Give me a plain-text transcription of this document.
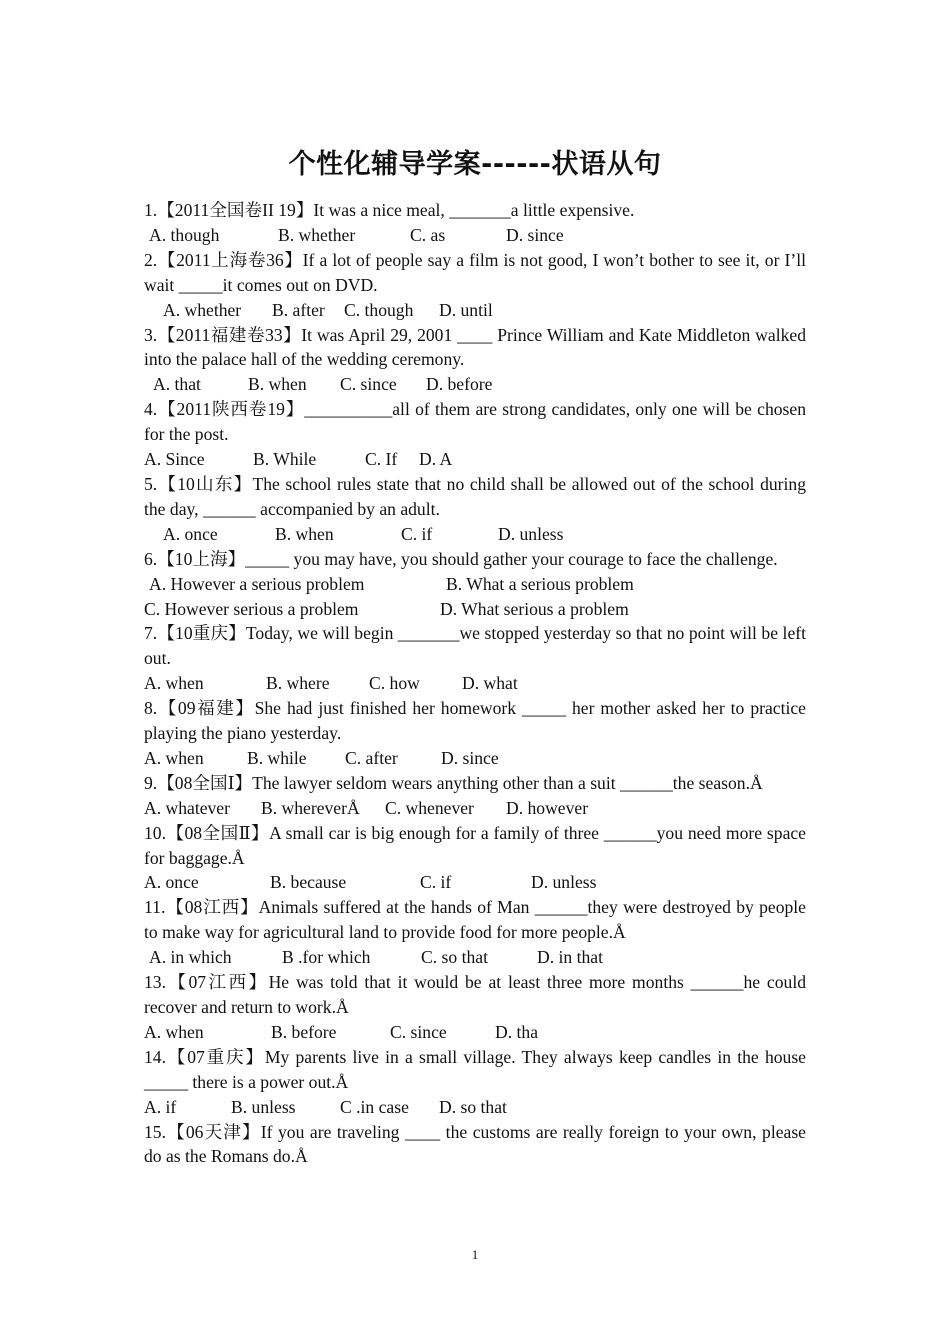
个性化辅导学案------状语从句
1.【2011全国卷II 19】It was a nice meal, _______a little expensive.
A. though	B. whether	C. as	D. since
2.【2011上海卷36】If a lot of people say a film is not good, I won’t bother to see it, or I’ll wait _____it comes out on DVD.
A. whether	B. after	C. though	D. until
3.【2011福建卷33】It was April 29, 2001 ____ Prince William and Kate Middleton walked into the palace hall of the wedding ceremony.
A. that	B. when	C. since	D. before
4.【2011陕西卷19】__________all of them are strong candidates, only one will be chosen for the post.
A. Since	B. While	C. If	D. A
5.【10山东】The school rules state that no child shall be allowed out of the school during the day, ______ accompanied by an adult.
A. once	B. when	C. if	D. unless
6.【10上海】_____ you may have, you should gather your courage to face the challenge.
A. However a serious problem	B. What a serious problem
C. However serious a problem	D. What serious a problem
7.【10重庆】Today, we will begin _______we stopped yesterday so that no point will be left out.
A. when	B. where	C. how	D. what
8.【09福建】She had just finished her homework _____ her mother asked her to practice playing the piano yesterday.
A. when	B. while	C. after	D. since
9.【08全国Ⅰ】The lawyer seldom wears anything other than a suit ______the season.Å
A. whatever	B. whereverÅ	C. whenever	D. however
10.【08全国Ⅱ】A small car is big enough for a family of three ______you need more space for baggage.Å
A. once	B. because	C. if	D. unless
11.【08江西】Animals suffered at the hands of Man ______they were destroyed by people to make way for agricultural land to provide food for more people.Å
A. in which	B .for which	C. so that	D. in that
13.【07江西】He was told that it would be at least three more months ______he could recover and return to work.Å
A. when	B. before	C. since	D. tha
14.【07重庆】My parents live in a small village. They always keep candles in the house _____ there is a power out.Å
A. if	B. unless	C .in case	D. so that
15.【06天津】If you are traveling ____ the customs are really foreign to your own, please do as the Romans do.Å
1
